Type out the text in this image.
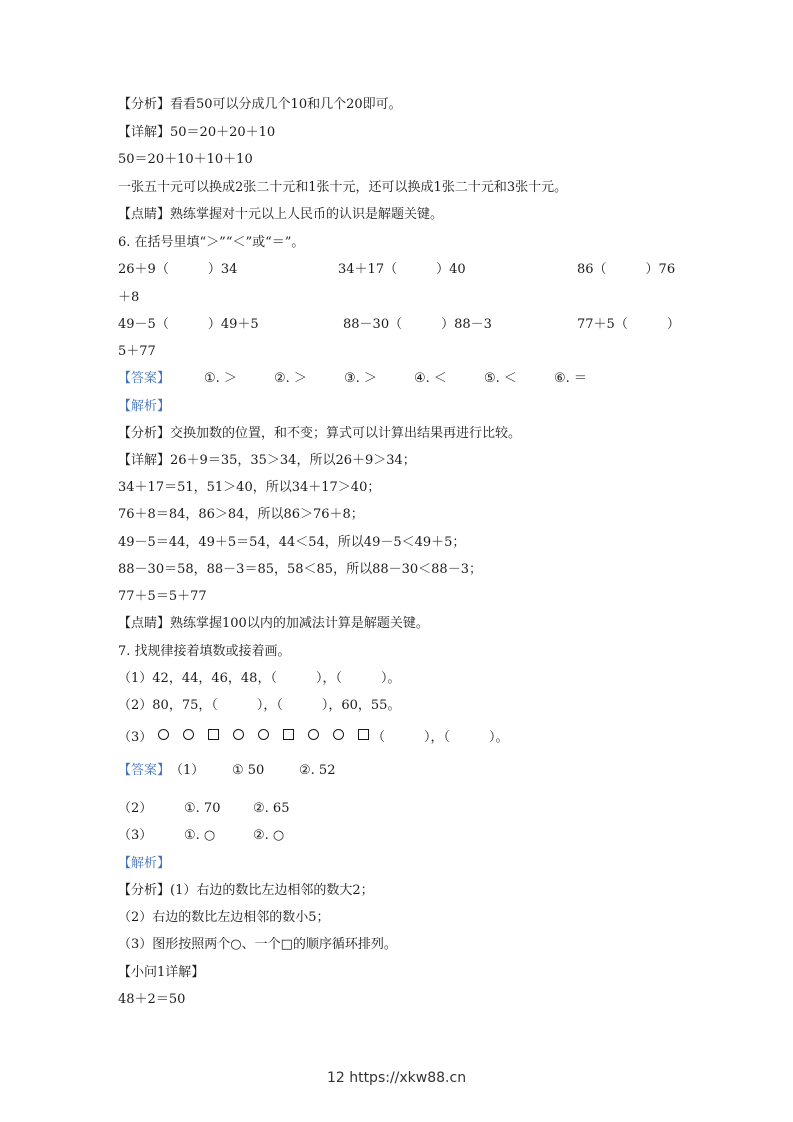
【分析】看看50可以分成几个10和几个20即可。
【详解】50＝20＋20＋10
50＝20＋10＋10＋10
一张五十元可以换成2张二十元和1张十元，还可以换成1张二十元和3张十元。
【点睛】熟练掌握对十元以上人民币的认识是解题关键。
6. 在括号里填“＞”“＜”或“＝”。
26＋9（　　　）34	34＋17（　　　）40	86（　　　）76
＋8
49－5（　　　）49＋5	88－30（　　　）88－3	77＋5（　　　）
5＋77
【答案】	①. ＞	②. ＞	③. ＞	④. ＜	⑤. ＜	⑥. ＝
【解析】
【分析】交换加数的位置，和不变；算式可以计算出结果再进行比较。
【详解】26＋9＝35，35＞34，所以26＋9＞34；
34＋17＝51，51＞40，所以34＋17＞40；
76＋8＝84，86＞84，所以86＞76＋8；
49－5＝44，49＋5＝54，44＜54，所以49－5＜49＋5；
88－30＝58，88－3＝85，58＜85，所以88－30＜88－3；
77＋5＝5＋77
【点睛】熟练掌握100以内的加减法计算是解题关键。
7. 找规律接着填数或接着画。
（1）42，44，46，48，（　　　），（　　　）。
（2）80，75，（　　　），（　　　），60，55。
（3）	（　　　），（　　　）。
【答案】 （1） ① 50	②. 52
（2） ①. 70	②. 65
（3） ①. ○	②. ○
【解析】
【分析】(1）右边的数比左边相邻的数大2；
（2）右边的数比左边相邻的数小5；
（3）图形按照两个○、一个□的顺序循环排列。
【小问1详解】
48＋2＝50
12 https://xkw88.cn
